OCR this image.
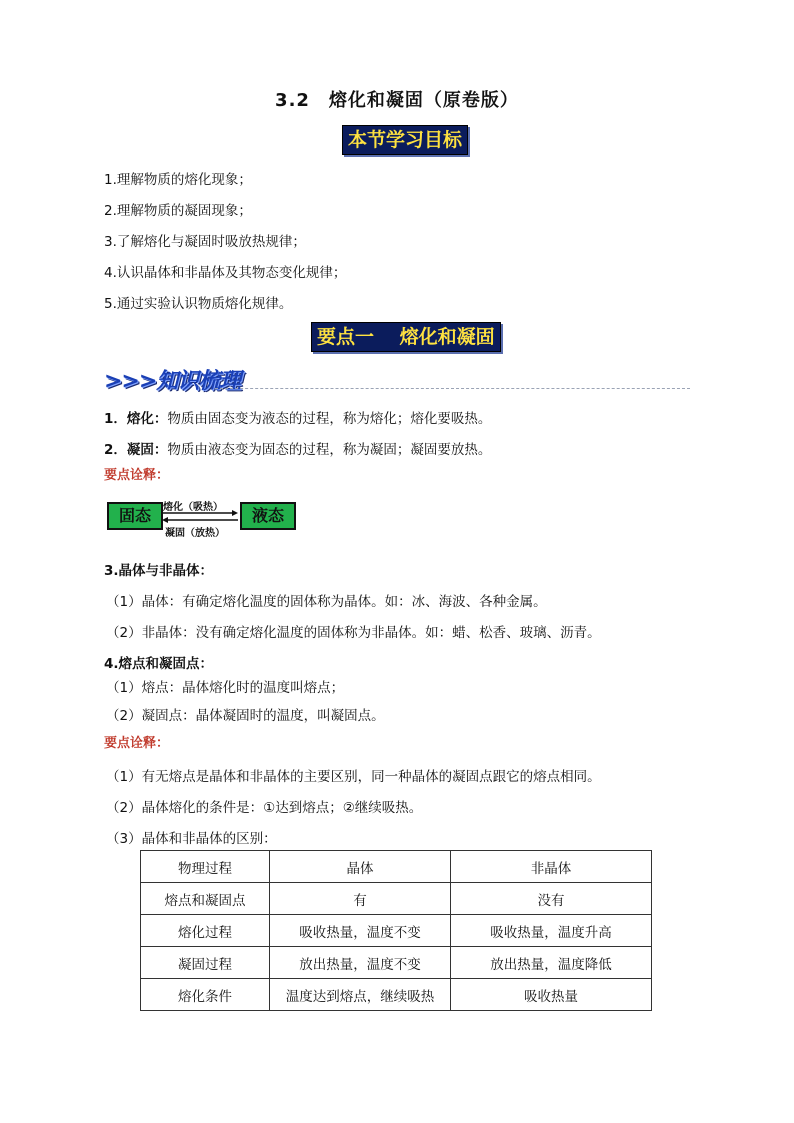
3.2　熔化和凝固（原卷版）
本节学习目标
1.理解物质的熔化现象；
2.理解物质的凝固现象；
3.了解熔化与凝固时吸放热规律；
4.认识晶体和非晶体及其物态变化规律；
5.通过实验认识物质熔化规律。
要点一　 熔化和凝固
>>>知识梳理
1．熔化：物质由固态变为液态的过程，称为熔化；熔化要吸热。
2．凝固：物质由液态变为固态的过程，称为凝固；凝固要放热。
要点诠释：
固态	熔化（吸热）
凝固（放热）
液态
3.晶体与非晶体：
（1）晶体：有确定熔化温度的固体称为晶体。如：冰、海波、各种金属。
（2）非晶体：没有确定熔化温度的固体称为非晶体。如：蜡、松香、玻璃、沥青。
4.熔点和凝固点：
（1）熔点：晶体熔化时的温度叫熔点；
（2）凝固点：晶体凝固时的温度，叫凝固点。
要点诠释：
（1）有无熔点是晶体和非晶体的主要区别，同一种晶体的凝固点跟它的熔点相同。
（2）晶体熔化的条件是：①达到熔点；②继续吸热。
（3）晶体和非晶体的区别：
物理过程	晶体	非晶体
熔点和凝固点	有	没有
熔化过程	吸收热量，温度不变	吸收热量，温度升高
凝固过程	放出热量，温度不变	放出热量，温度降低
熔化条件	温度达到熔点，继续吸热	吸收热量
